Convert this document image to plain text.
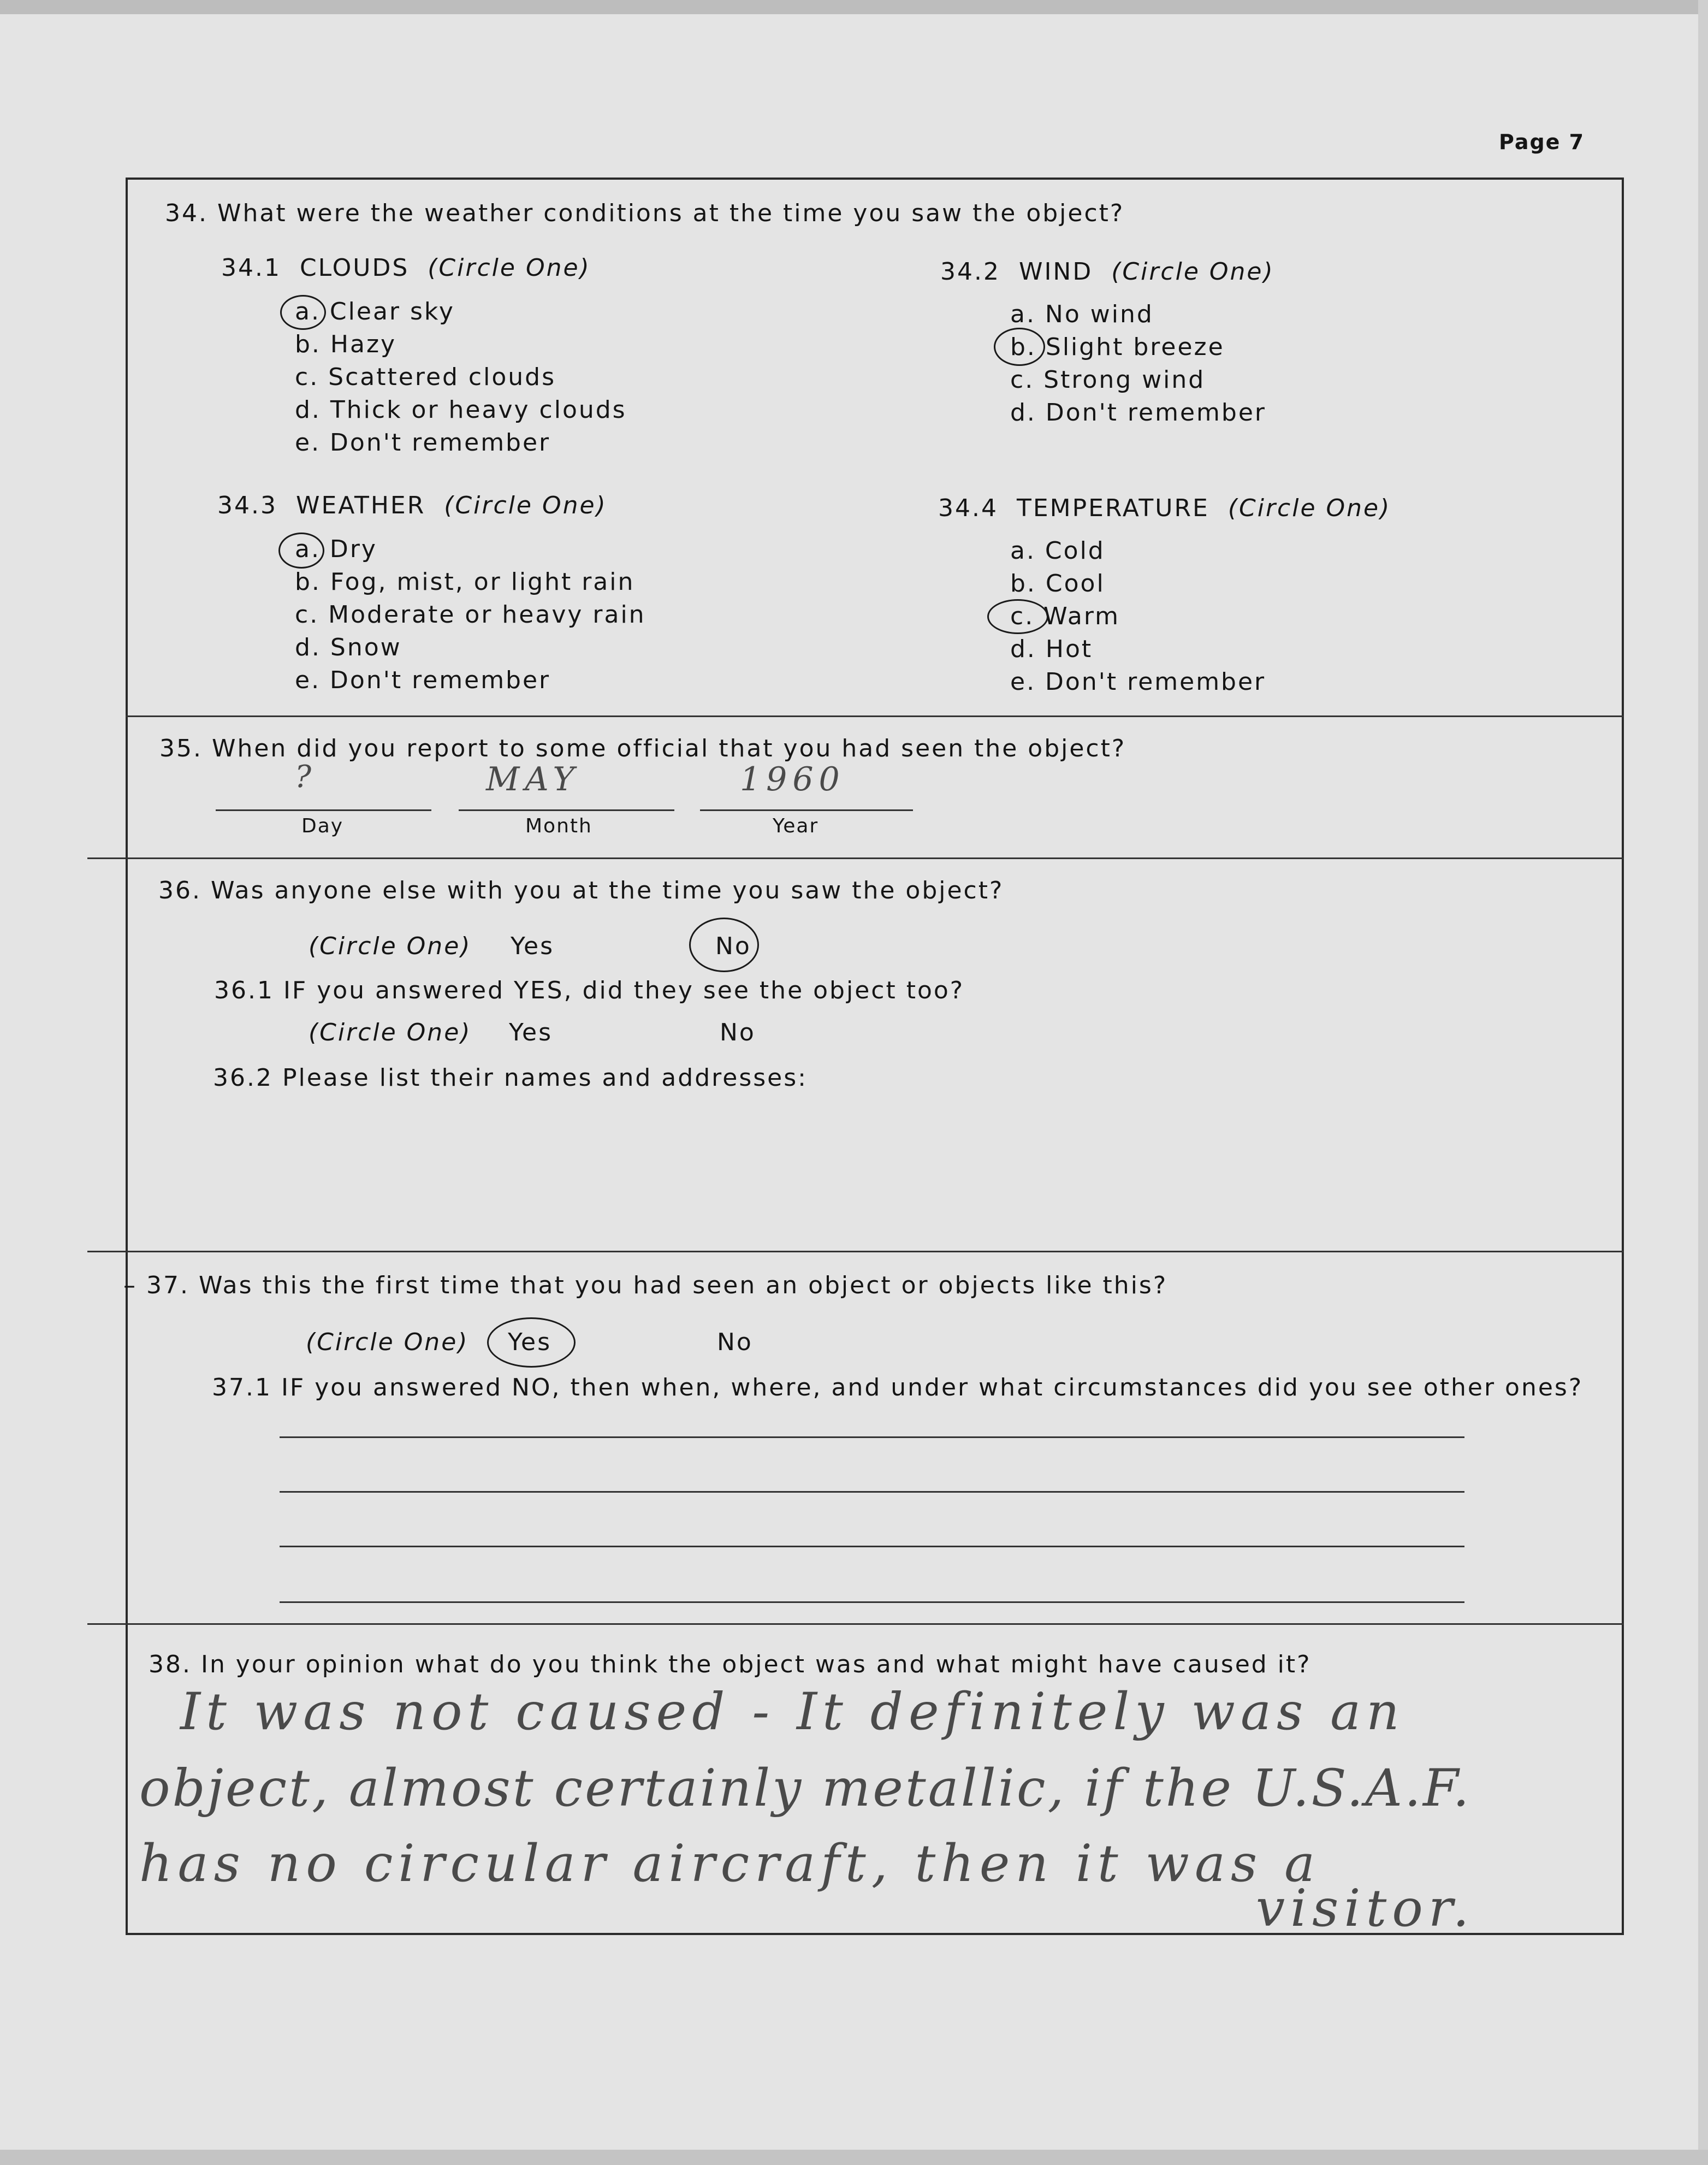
Page 7
34. What were the weather conditions at the time you saw the object?
34.1 CLOUDS (Circle One)
a. Clear sky
b. Hazy
c. Scattered clouds
d. Thick or heavy clouds
e. Don't remember
34.2 WIND (Circle One)
a. No wind
b. Slight breeze
c. Strong wind
d. Don't remember
34.3 WEATHER (Circle One)
a. Dry
b. Fog, mist, or light rain
c. Moderate or heavy rain
d. Snow
e. Don't remember
34.4 TEMPERATURE (Circle One)
a. Cold
b. Cool
c. Warm
d. Hot
e. Don't remember
35. When did you report to some official that you had seen the object?
?	MAY	1960
Day	Month	Year
36. Was anyone else with you at the time you saw the object?
(Circle One) Yes	No
36.1 IF you answered YES, did they see the object too?
(Circle One) Yes	No
36.2 Please list their names and addresses:
– 37. Was this the first time that you had seen an object or objects like this?
(Circle One) Yes	No
37.1 IF you answered NO, then when, where, and under what circumstances did you see other ones?
38. In your opinion what do you think the object was and what might have caused it?
It was not caused - It definitely was an
object, almost certainly metallic, if the U.S.A.F.
has no circular aircraft, then it was a
visitor.
